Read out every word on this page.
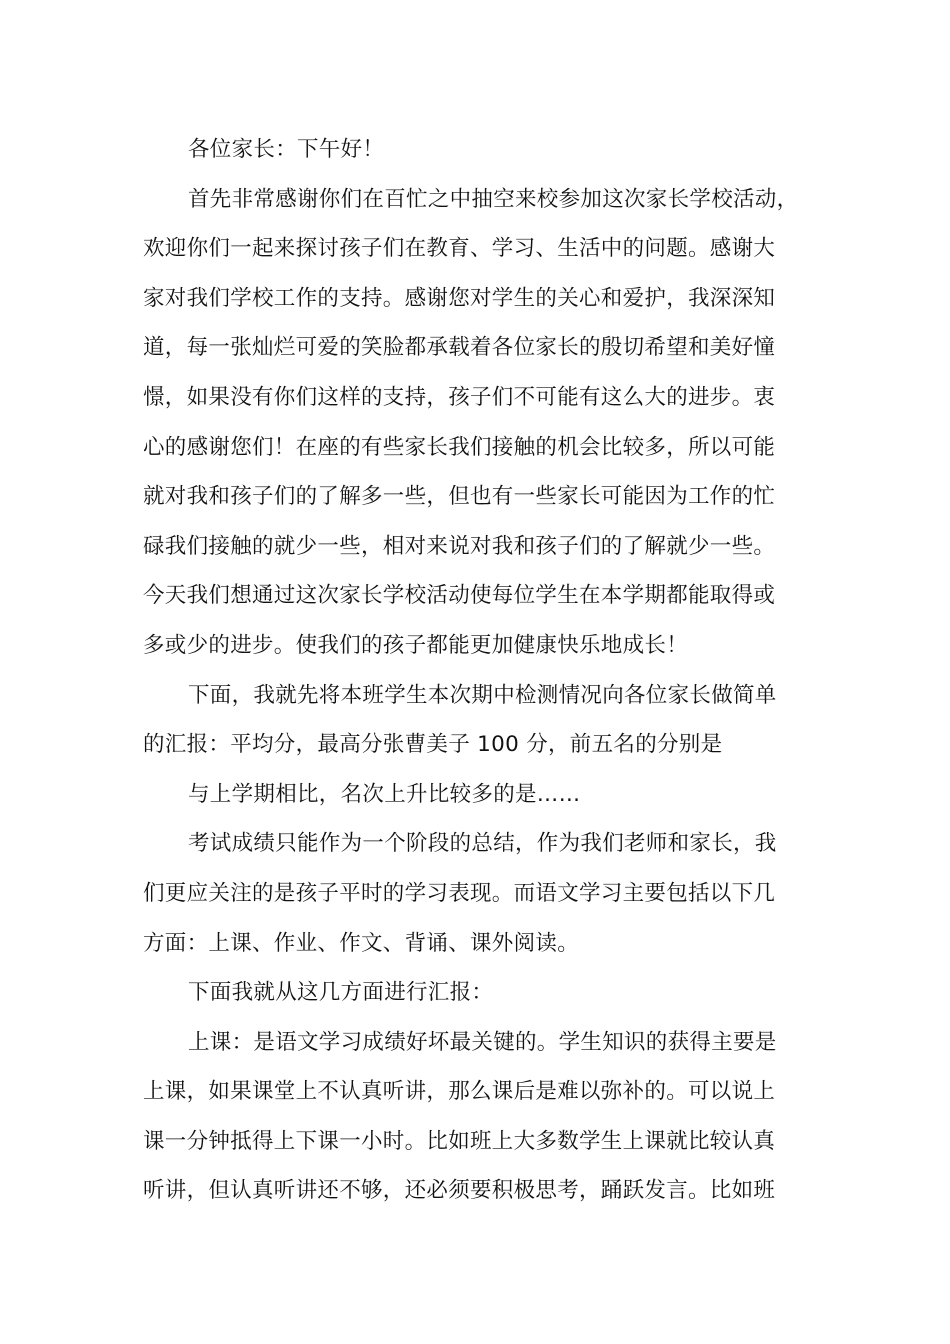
各位家长：下午好！
首先非常感谢你们在百忙之中抽空来校参加这次家长学校活动，
欢迎你们一起来探讨孩子们在教育、学习、生活中的问题。感谢大
家对我们学校工作的支持。感谢您对学生的关心和爱护，我深深知
道，每一张灿烂可爱的笑脸都承载着各位家长的殷切希望和美好憧
憬，如果没有你们这样的支持，孩子们不可能有这么大的进步。衷
心的感谢您们！在座的有些家长我们接触的机会比较多，所以可能
就对我和孩子们的了解多一些，但也有一些家长可能因为工作的忙
碌我们接触的就少一些，相对来说对我和孩子们的了解就少一些。
今天我们想通过这次家长学校活动使每位学生在本学期都能取得或
多或少的进步。使我们的孩子都能更加健康快乐地成长！
下面，我就先将本班学生本次期中检测情况向各位家长做简单
的汇报：平均分，最高分张曹美子 100 分，前五名的分别是
与上学期相比，名次上升比较多的是……
考试成绩只能作为一个阶段的总结，作为我们老师和家长，我
们更应关注的是孩子平时的学习表现。而语文学习主要包括以下几
方面：上课、作业、作文、背诵、课外阅读。
下面我就从这几方面进行汇报：
上课：是语文学习成绩好坏最关键的。学生知识的获得主要是
上课，如果课堂上不认真听讲，那么课后是难以弥补的。可以说上
课一分钟抵得上下课一小时。比如班上大多数学生上课就比较认真
听讲，但认真听讲还不够，还必须要积极思考，踊跃发言。比如班
